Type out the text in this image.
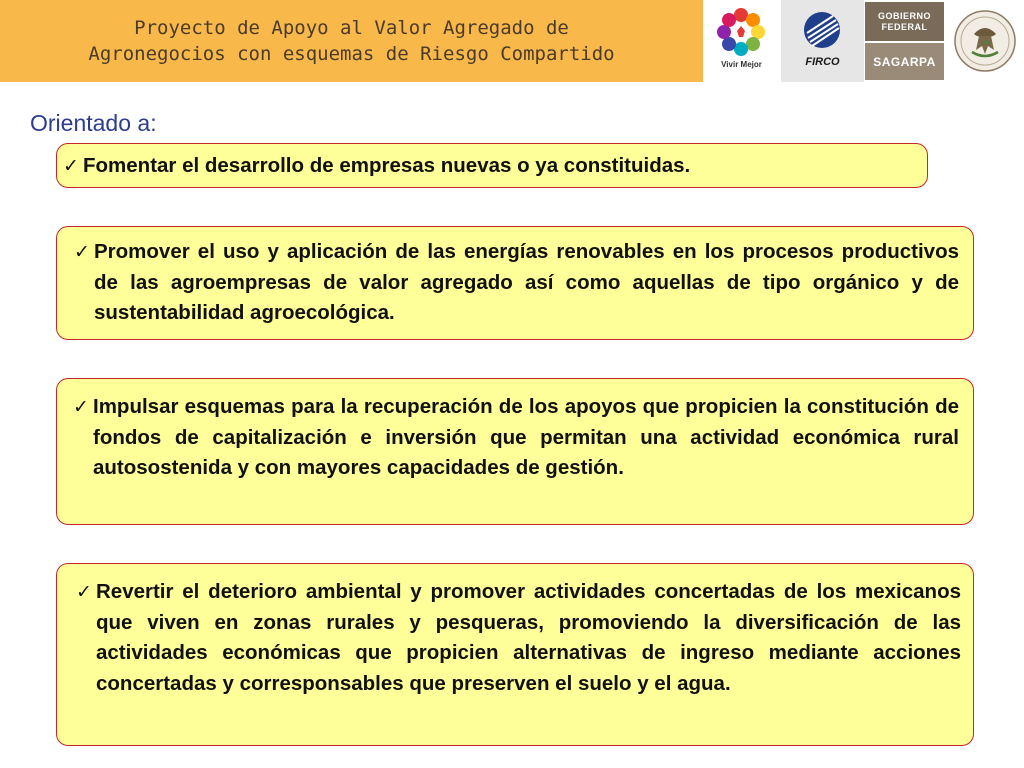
Proyecto de Apoyo al Valor Agregado de
Agronegocios con esquemas de Riesgo Compartido	Vivir Mejor	FIRCO
GOBIERNO
FEDERAL
SAGARPA
Orientado a:
✓ Fomentar el desarrollo de empresas nuevas o ya constituidas.
✓ Promover el uso y aplicación de las energías renovables en los procesos productivos de las agroempresas de valor agregado así como aquellas de tipo orgánico y de sustentabilidad agroecológica.
✓ Impulsar esquemas para la recuperación de los apoyos que propicien la constitución de fondos de capitalización e inversión que permitan una actividad económica rural autosostenida y con mayores capacidades de gestión.
✓ Revertir el deterioro ambiental y promover actividades concertadas de los mexicanos que viven en zonas rurales y pesqueras, promoviendo la diversificación de las actividades económicas que propicien alternativas de ingreso mediante acciones concertadas y corresponsables que preserven el suelo y el agua.
